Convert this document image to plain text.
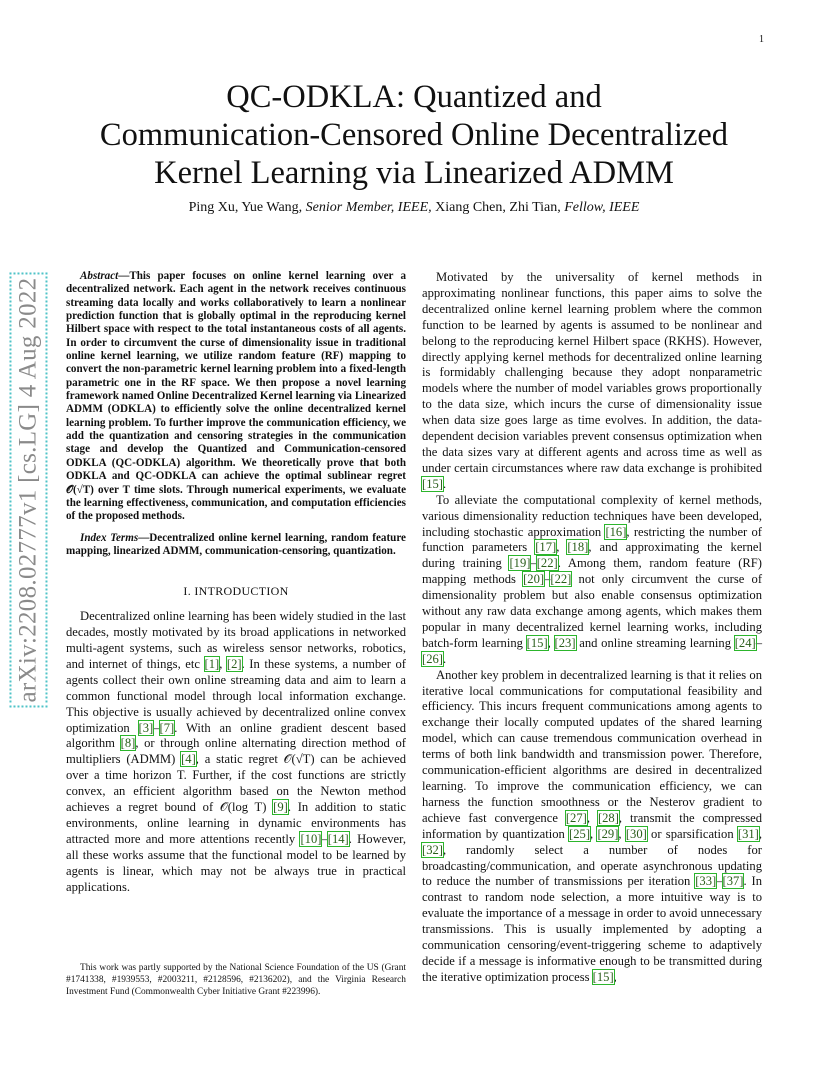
1
arXiv:2208.02777v1 [cs.LG] 4 Aug 2022
QC-ODKLA: Quantized and
Communication-Censored Online Decentralized
Kernel Learning via Linearized ADMM
Ping Xu, Yue Wang, Senior Member, IEEE, Xiang Chen, Zhi Tian, Fellow, IEEE

Abstract—This paper focuses on online kernel learning over a decentralized network. Each agent in the network receives continuous streaming data locally and works collaboratively to learn a nonlinear prediction function that is globally optimal in the reproducing kernel Hilbert space with respect to the total instantaneous costs of all agents. In order to circumvent the curse of dimensionality issue in traditional online kernel learning, we utilize random feature (RF) mapping to convert the non-parametric kernel learning problem into a fixed-length parametric one in the RF space. We then propose a novel learning framework named Online Decentralized Kernel learning via Linearized ADMM (ODKLA) to efficiently solve the online decentralized kernel learning problem. To further improve the communication efficiency, we add the quantization and censoring strategies in the communication stage and develop the Quantized and Communication-censored ODKLA (QC-ODKLA) algorithm. We theoretically prove that both ODKLA and QC-ODKLA can achieve the optimal sublinear regret 𝒪(√T) over T time slots. Through numerical experiments, we evaluate the learning effectiveness, communication, and computation efficiencies of the proposed methods.

Index Terms—Decentralized online kernel learning, random feature mapping, linearized ADMM, communication-censoring, quantization.

I. INTRODUCTION

Decentralized online learning has been widely studied in the last decades, mostly motivated by its broad applications in networked multi-agent systems, such as wireless sensor networks, robotics, and internet of things, etc [1], [2]. In these systems, a number of agents collect their own online streaming data and aim to learn a common functional model through local information exchange. This objective is usually achieved by decentralized online convex optimization [3]–[7]. With an online gradient descent based algorithm [8], or through online alternating direction method of multipliers (ADMM) [4], a static regret 𝒪(√T) can be achieved over a time horizon T. Further, if the cost functions are strictly convex, an efficient algorithm based on the Newton method achieves a regret bound of 𝒪(log T) [9]. In addition to static environments, online learning in dynamic environments has attracted more and more attentions recently [10]–[14]. However, all these works assume that the functional model to be learned by agents is linear, which may not be always true in practical applications.

This work was partly supported by the National Science Foundation of the US (Grant #1741338, #1939553, #2003211, #2128596, #2136202), and the Virginia Research Investment Fund (Commonwealth Cyber Initiative Grant #223996).

Motivated by the universality of kernel methods in approximating nonlinear functions, this paper aims to solve the decentralized online kernel learning problem where the common function to be learned by agents is assumed to be nonlinear and belong to the reproducing kernel Hilbert space (RKHS). However, directly applying kernel methods for decentralized online learning is formidably challenging because they adopt nonparametric models where the number of model variables grows proportionally to the data size, which incurs the curse of dimensionality issue when data size goes large as time evolves. In addition, the data-dependent decision variables prevent consensus optimization when the data sizes vary at different agents and across time as well as under certain circumstances where raw data exchange is prohibited [15].

To alleviate the computational complexity of kernel methods, various dimensionality reduction techniques have been developed, including stochastic approximation [16], restricting the number of function parameters [17], [18], and approximating the kernel during training [19]–[22]. Among them, random feature (RF) mapping methods [20]–[22] not only circumvent the curse of dimensionality problem but also enable consensus optimization without any raw data exchange among agents, which makes them popular in many decentralized kernel learning works, including batch-form learning [15], [23] and online streaming learning [24]–[26].

Another key problem in decentralized learning is that it relies on iterative local communications for computational feasibility and efficiency. This incurs frequent communications among agents to exchange their locally computed updates of the shared learning model, which can cause tremendous communication overhead in terms of both link bandwidth and transmission power. Therefore, communication-efficient algorithms are desired in decentralized learning. To improve the communication efficiency, we can harness the function smoothness or the Nesterov gradient to achieve fast convergence [27], [28], transmit the compressed information by quantization [25], [29], [30] or sparsification [31], [32], randomly select a number of nodes for broadcasting/communication, and operate asynchronous updating to reduce the number of transmissions per iteration [33]–[37]. In contrast to random node selection, a more intuitive way is to evaluate the importance of a message in order to avoid unnecessary transmissions. This is usually implemented by adopting a communication censoring/event-triggering scheme to adaptively decide if a message is informative enough to be transmitted during the iterative optimization process [15],
